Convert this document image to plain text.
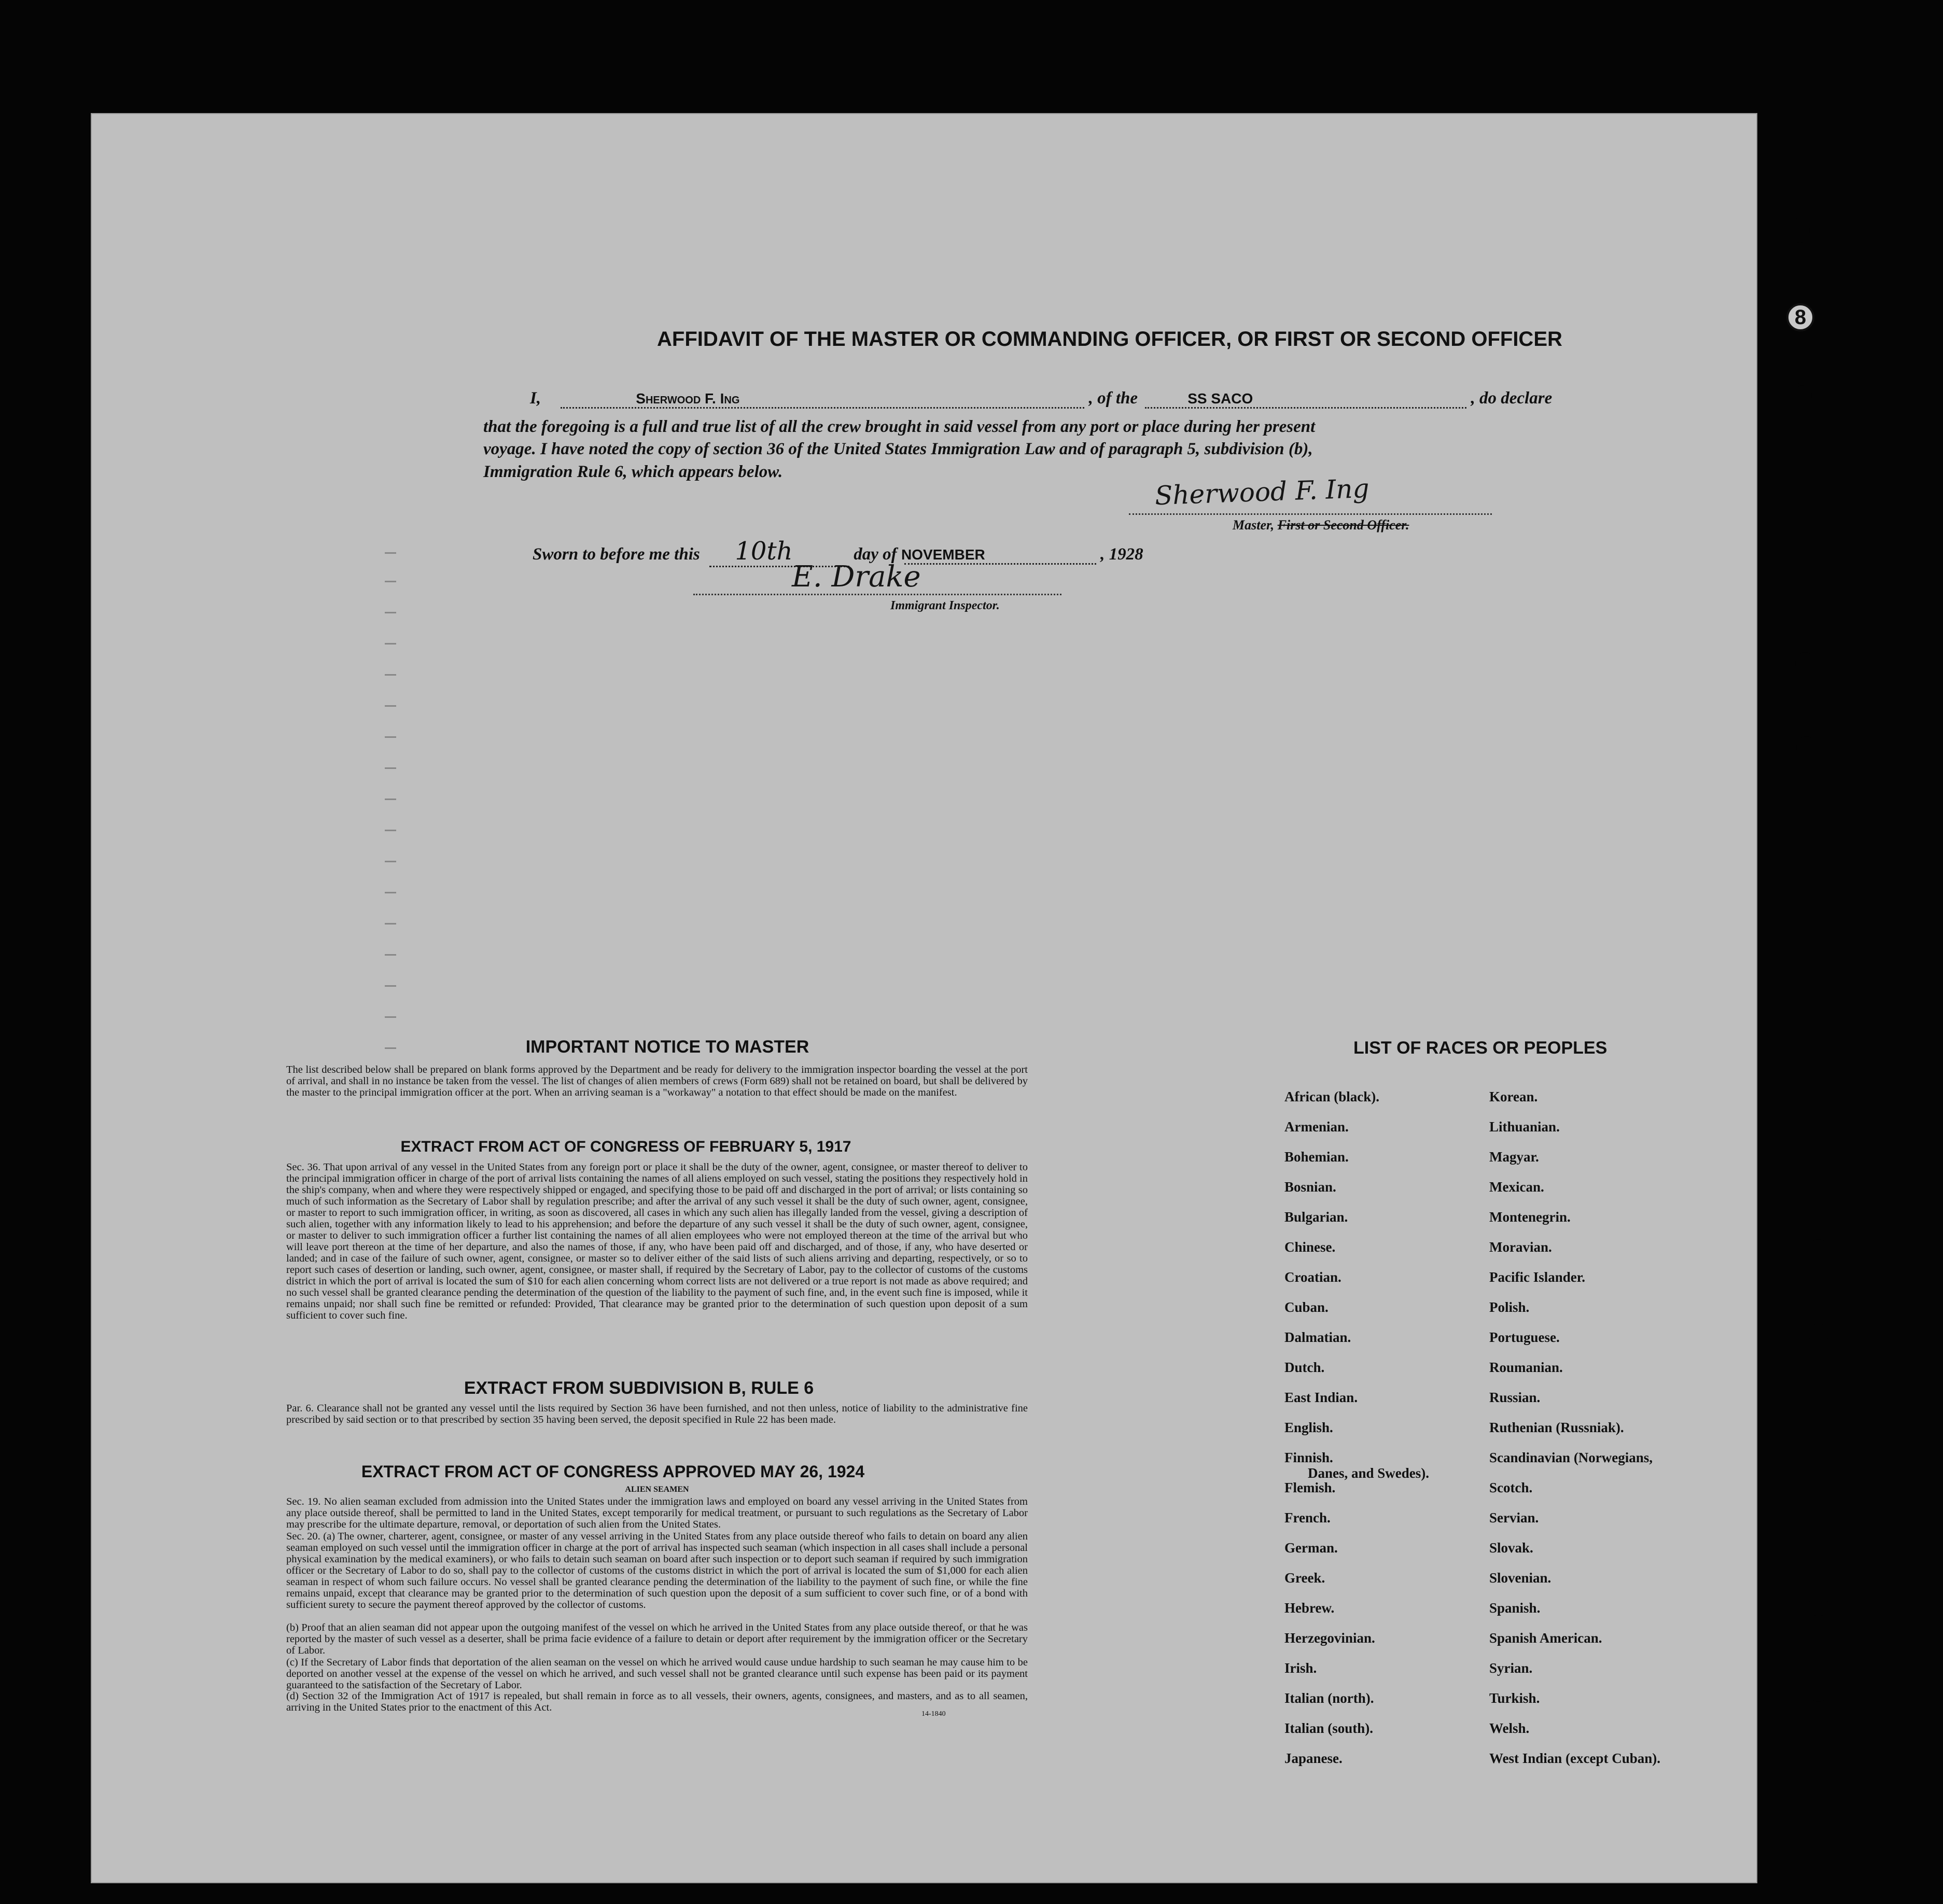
AFFIDAVIT OF THE MASTER OR COMMANDING OFFICER, OR FIRST OR SECOND OFFICER
I,	Sherwood F. Ing	, of the	SS SACO	, do declare
that the foregoing is a full and true list of all the crew brought in said vessel from any port or place during her present
voyage. I have noted the copy of section 36 of the United States Immigration Law and of paragraph 5, subdivision (b),
Immigration Rule 6, which appears below.
Sherwood F. Ing
Master, First or Second Officer.
Sworn to before me this 10th	day of NOVEMBER	, 1928
E. Drake
Immigrant Inspector.
8
IMPORTANT NOTICE TO MASTER
The list described below shall be prepared on blank forms approved by the Department and be ready for delivery to the immigration inspector boarding the vessel at the port of arrival, and shall in no instance be taken from the vessel. The list of changes of alien members of crews (Form 689) shall not be retained on board, but shall be delivered by the master to the principal immigration officer at the port. When an arriving seaman is a "workaway" a notation to that effect should be made on the manifest.
EXTRACT FROM ACT OF CONGRESS OF FEBRUARY 5, 1917
Sec. 36. That upon arrival of any vessel in the United States from any foreign port or place it shall be the duty of the owner, agent, consignee, or master thereof to deliver to the principal immigration officer in charge of the port of arrival lists containing the names of all aliens employed on such vessel, stating the positions they respectively hold in the ship's company, when and where they were respectively shipped or engaged, and specifying those to be paid off and discharged in the port of arrival; or lists containing so much of such information as the Secretary of Labor shall by regulation prescribe; and after the arrival of any such vessel it shall be the duty of such owner, agent, consignee, or master to report to such immigration officer, in writing, as soon as discovered, all cases in which any such alien has illegally landed from the vessel, giving a description of such alien, together with any information likely to lead to his apprehension; and before the departure of any such vessel it shall be the duty of such owner, agent, consignee, or master to deliver to such immigration officer a further list containing the names of all alien employees who were not employed thereon at the time of the arrival but who will leave port thereon at the time of her departure, and also the names of those, if any, who have been paid off and discharged, and of those, if any, who have deserted or landed; and in case of the failure of such owner, agent, consignee, or master so to deliver either of the said lists of such aliens arriving and departing, respectively, or so to report such cases of desertion or landing, such owner, agent, consignee, or master shall, if required by the Secretary of Labor, pay to the collector of customs of the customs district in which the port of arrival is located the sum of $10 for each alien concerning whom correct lists are not delivered or a true report is not made as above required; and no such vessel shall be granted clearance pending the determination of the question of the liability to the payment of such fine, and, in the event such fine is imposed, while it remains unpaid; nor shall such fine be remitted or refunded: Provided, That clearance may be granted prior to the determination of such question upon deposit of a sum sufficient to cover such fine.
EXTRACT FROM SUBDIVISION B, RULE 6
Par. 6. Clearance shall not be granted any vessel until the lists required by Section 36 have been furnished, and not then unless, notice of liability to the administrative fine prescribed by said section or to that prescribed by section 35 having been served, the deposit specified in Rule 22 has been made.
EXTRACT FROM ACT OF CONGRESS APPROVED MAY 26, 1924
ALIEN SEAMEN
Sec. 19. No alien seaman excluded from admission into the United States under the immigration laws and employed on board any vessel arriving in the United States from any place outside thereof, shall be permitted to land in the United States, except temporarily for medical treatment, or pursuant to such regulations as the Secretary of Labor may prescribe for the ultimate departure, removal, or deportation of such alien from the United States.
Sec. 20. (a) The owner, charterer, agent, consignee, or master of any vessel arriving in the United States from any place outside thereof who fails to detain on board any alien seaman employed on such vessel until the immigration officer in charge at the port of arrival has inspected such seaman (which inspection in all cases shall include a personal physical examination by the medical examiners), or who fails to detain such seaman on board after such inspection or to deport such seaman if required by such immigration officer or the Secretary of Labor to do so, shall pay to the collector of customs of the customs district in which the port of arrival is located the sum of $1,000 for each alien seaman in respect of whom such failure occurs. No vessel shall be granted clearance pending the determination of the liability to the payment of such fine, or while the fine remains unpaid, except that clearance may be granted prior to the determination of such question upon the deposit of a sum sufficient to cover such fine, or of a bond with sufficient surety to secure the payment thereof approved by the collector of customs.
(b) Proof that an alien seaman did not appear upon the outgoing manifest of the vessel on which he arrived in the United States from any place outside thereof, or that he was reported by the master of such vessel as a deserter, shall be prima facie evidence of a failure to detain or deport after requirement by the immigration officer or the Secretary of Labor.
(c) If the Secretary of Labor finds that deportation of the alien seaman on the vessel on which he arrived would cause undue hardship to such seaman he may cause him to be deported on another vessel at the expense of the vessel on which he arrived, and such vessel shall not be granted clearance until such expense has been paid or its payment guaranteed to the satisfaction of the Secretary of Labor.
(d) Section 32 of the Immigration Act of 1917 is repealed, but shall remain in force as to all vessels, their owners, agents, consignees, and masters, and as to all seamen, arriving in the United States prior to the enactment of this Act.
14-1840
LIST OF RACES OR PEOPLES
African (black).
Armenian.
Bohemian.
Bosnian.
Bulgarian.
Chinese.
Croatian.
Cuban.
Dalmatian.
Dutch.
East Indian.
English.
Finnish.
Flemish.
French.
German.
Greek.
Hebrew.
Herzegovinian.
Irish.
Italian (north).
Italian (south).
Japanese.
Korean.
Lithuanian.
Magyar.
Mexican.
Montenegrin.
Moravian.
Pacific Islander.
Polish.
Portuguese.
Roumanian.
Russian.
Ruthenian (Russniak).
Scandinavian (Norwegians,
Danes, and Swedes).
Scotch.
Servian.
Slovak.
Slovenian.
Spanish.
Spanish American.
Syrian.
Turkish.
Welsh.
West Indian (except Cuban).
